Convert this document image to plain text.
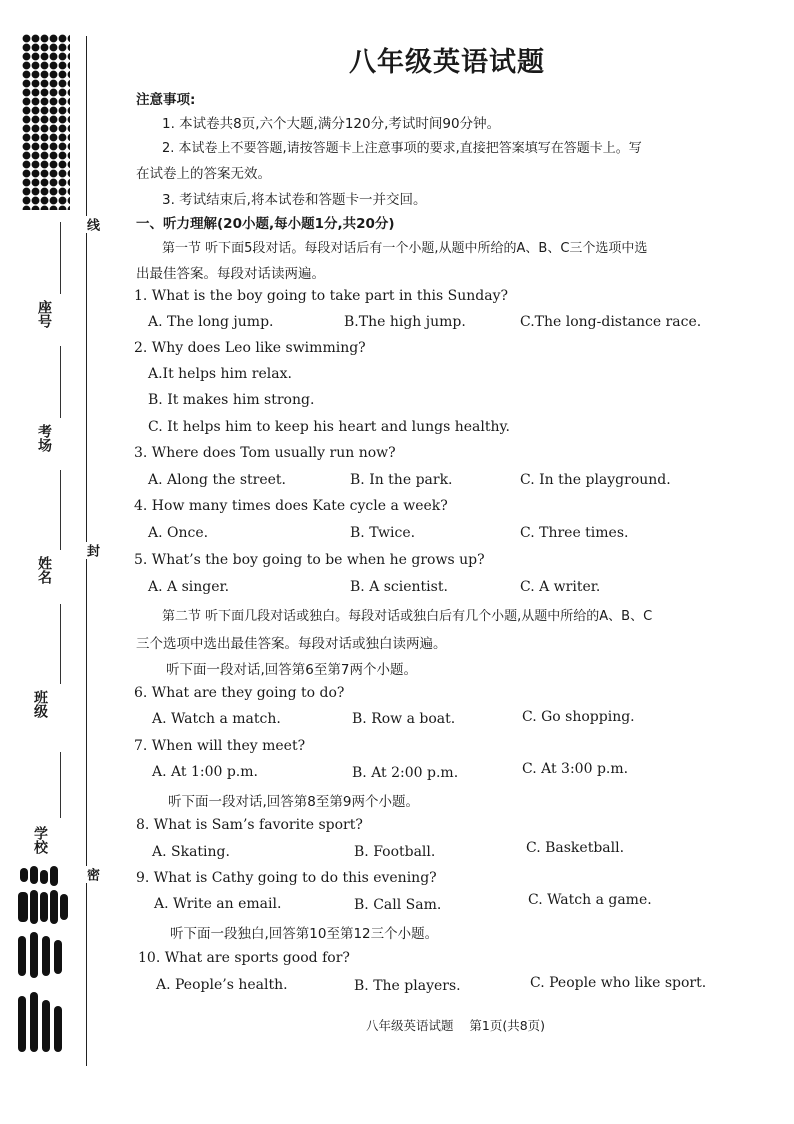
学校
班级
姓名
考场
座号
线
封
密
八年级英语试题
注意事项:
1. 本试卷共8页,六个大题,满分120分,考试时间90分钟。
2. 本试卷上不要答题,请按答题卡上注意事项的要求,直接把答案填写在答题卡上。写
在试卷上的答案无效。
3. 考试结束后,将本试卷和答题卡一并交回。
一、听力理解(20小题,每小题1分,共20分)
第一节 听下面5段对话。每段对话后有一个小题,从题中所给的A、B、C三个选项中选
出最佳答案。每段对话读两遍。
1. What is the boy going to take part in this Sunday?
A. The long jump.	B.The high jump.	C.The long-distance race.
2. Why does Leo like swimming?
A.It helps him relax.
B. It makes him strong.
C. It helps him to keep his heart and lungs healthy.
3. Where does Tom usually run now?
A. Along the street.	B. In the park.	C. In the playground.
4. How many times does Kate cycle a week?
A. Once.	B. Twice.	C. Three times.
5. What’s the boy going to be when he grows up?
A. A singer.	B. A scientist.	C. A writer.
第二节 听下面几段对话或独白。每段对话或独白后有几个小题,从题中所给的A、B、C
三个选项中选出最佳答案。每段对话或独白读两遍。
听下面一段对话,回答第6至第7两个小题。
6. What are they going to do?
A. Watch a match.	B. Row a boat.	C. Go shopping.
7. When will they meet?
A. At 1:00 p.m.	B. At 2:00 p.m.	C. At 3:00 p.m.
听下面一段对话,回答第8至第9两个小题。
8. What is Sam’s favorite sport?
A. Skating.	B. Football.	C. Basketball.
9. What is Cathy going to do this evening?
A. Write an email.	B. Call Sam.	C. Watch a game.
听下面一段独白,回答第10至第12三个小题。
10. What are sports good for?
A. People’s health.	B. The players.	C. People who like sport.
八年级英语试题    第1页(共8页)
